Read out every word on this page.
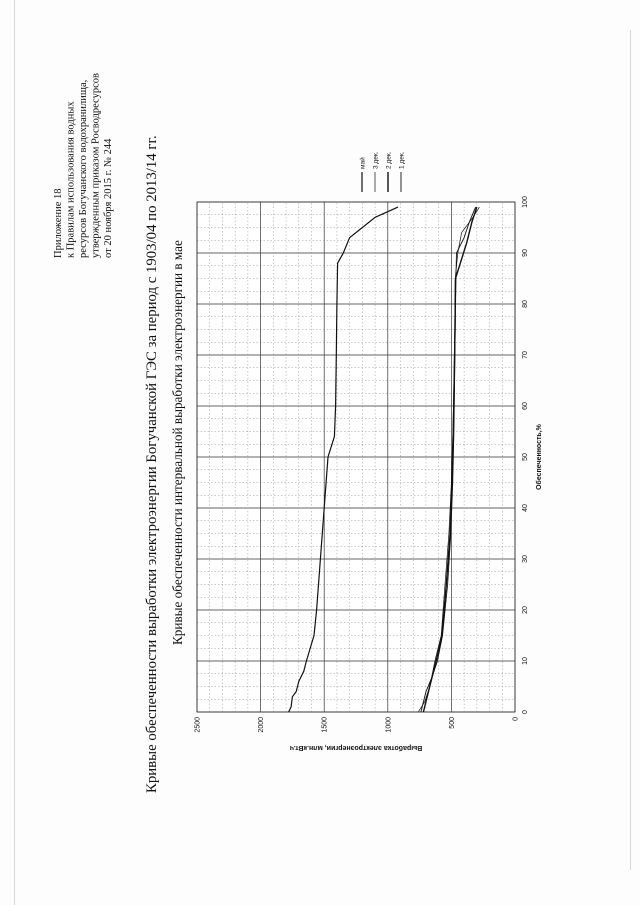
Приложение 18 к Правилам использования водных ресурсов Богучанского водохранилища, утвержденным приказом Росводресурсов от 20 ноября 2015 г. № 244 Кривые обеспеченности выработки электроэнергии Богучанской ГЭС за период с 1903/04 по 2013/14 гг. Кривые обеспеченности интервальной выработки электроэнергии в мае
0
10
20
30
40
50
60
70
80
90
100
0
500
1000
1500
2000
2500
1 дек.
2 дек.
3 дек.
май
Обеспеченность,%
Выработка электроэнергии, млн.кВт.ч
